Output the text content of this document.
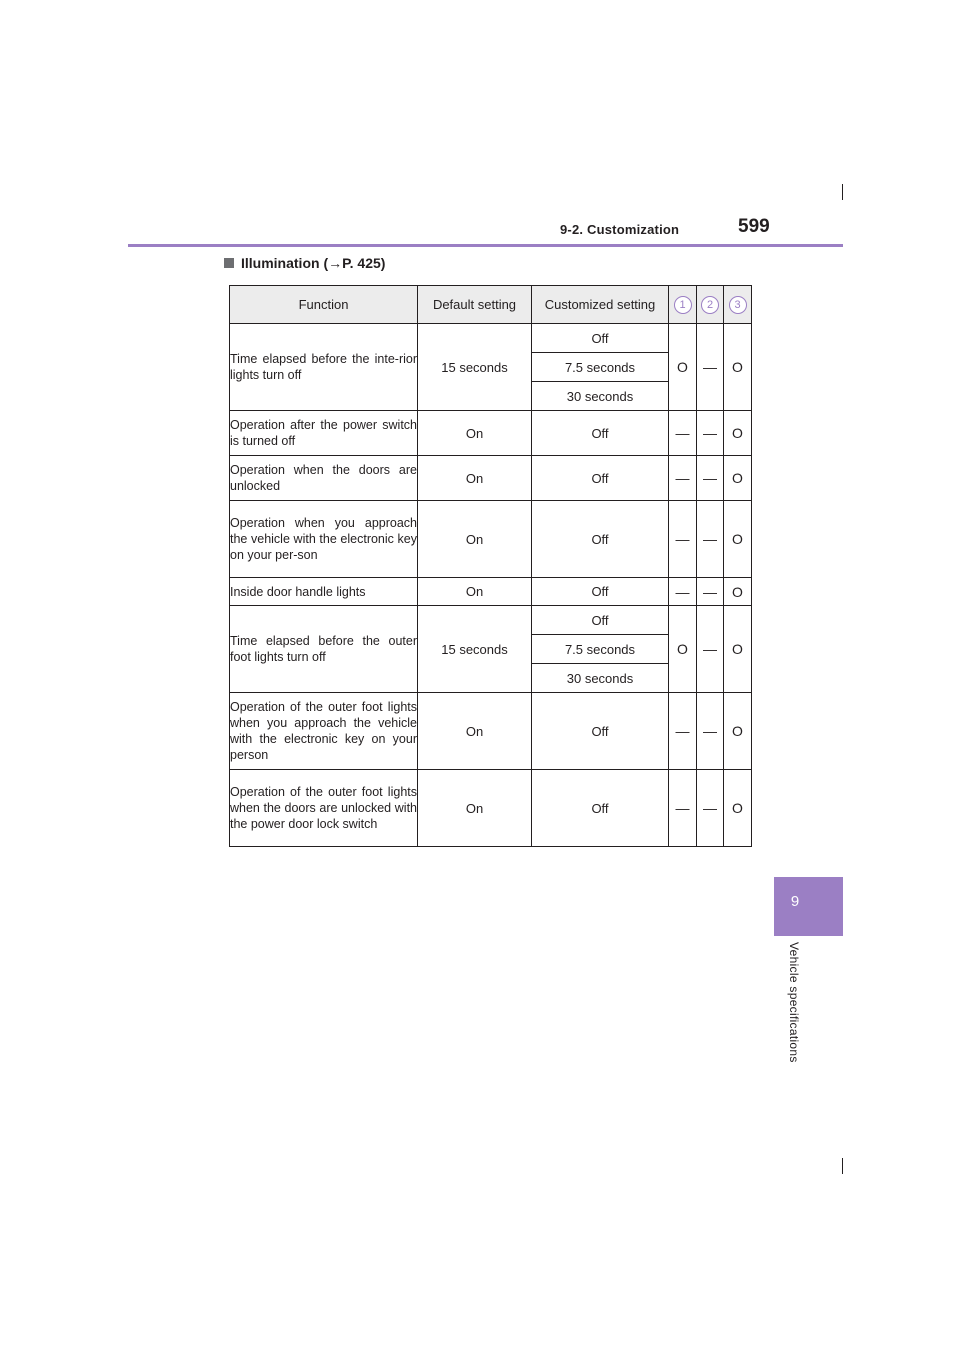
9-2. Customization	599
9
Vehicle specifications
Illumination (→P. 425)
Function	Default setting	Customized setting	1	2	3
Time elapsed before the inte-rior lights turn off	15 seconds	Off	O	—	O
		7.5 seconds			
		30 seconds			
Operation after the power switch is turned off	On	Off	—	—	O
Operation when the doors are unlocked	On	Off	—	—	O
Operation when you approach the vehicle with the electronic key on your per-son	On	Off	—	—	O
Inside door handle lights	On	Off	—	—	O
Time elapsed before the outer foot lights turn off	15 seconds	Off	O	—	O
		7.5 seconds			
		30 seconds			
Operation of the outer foot lights when you approach the vehicle with the electronic key on your person	On	Off	—	—	O
Operation of the outer foot lights when the doors are unlocked with the power door lock switch	On	Off	—	—	O
